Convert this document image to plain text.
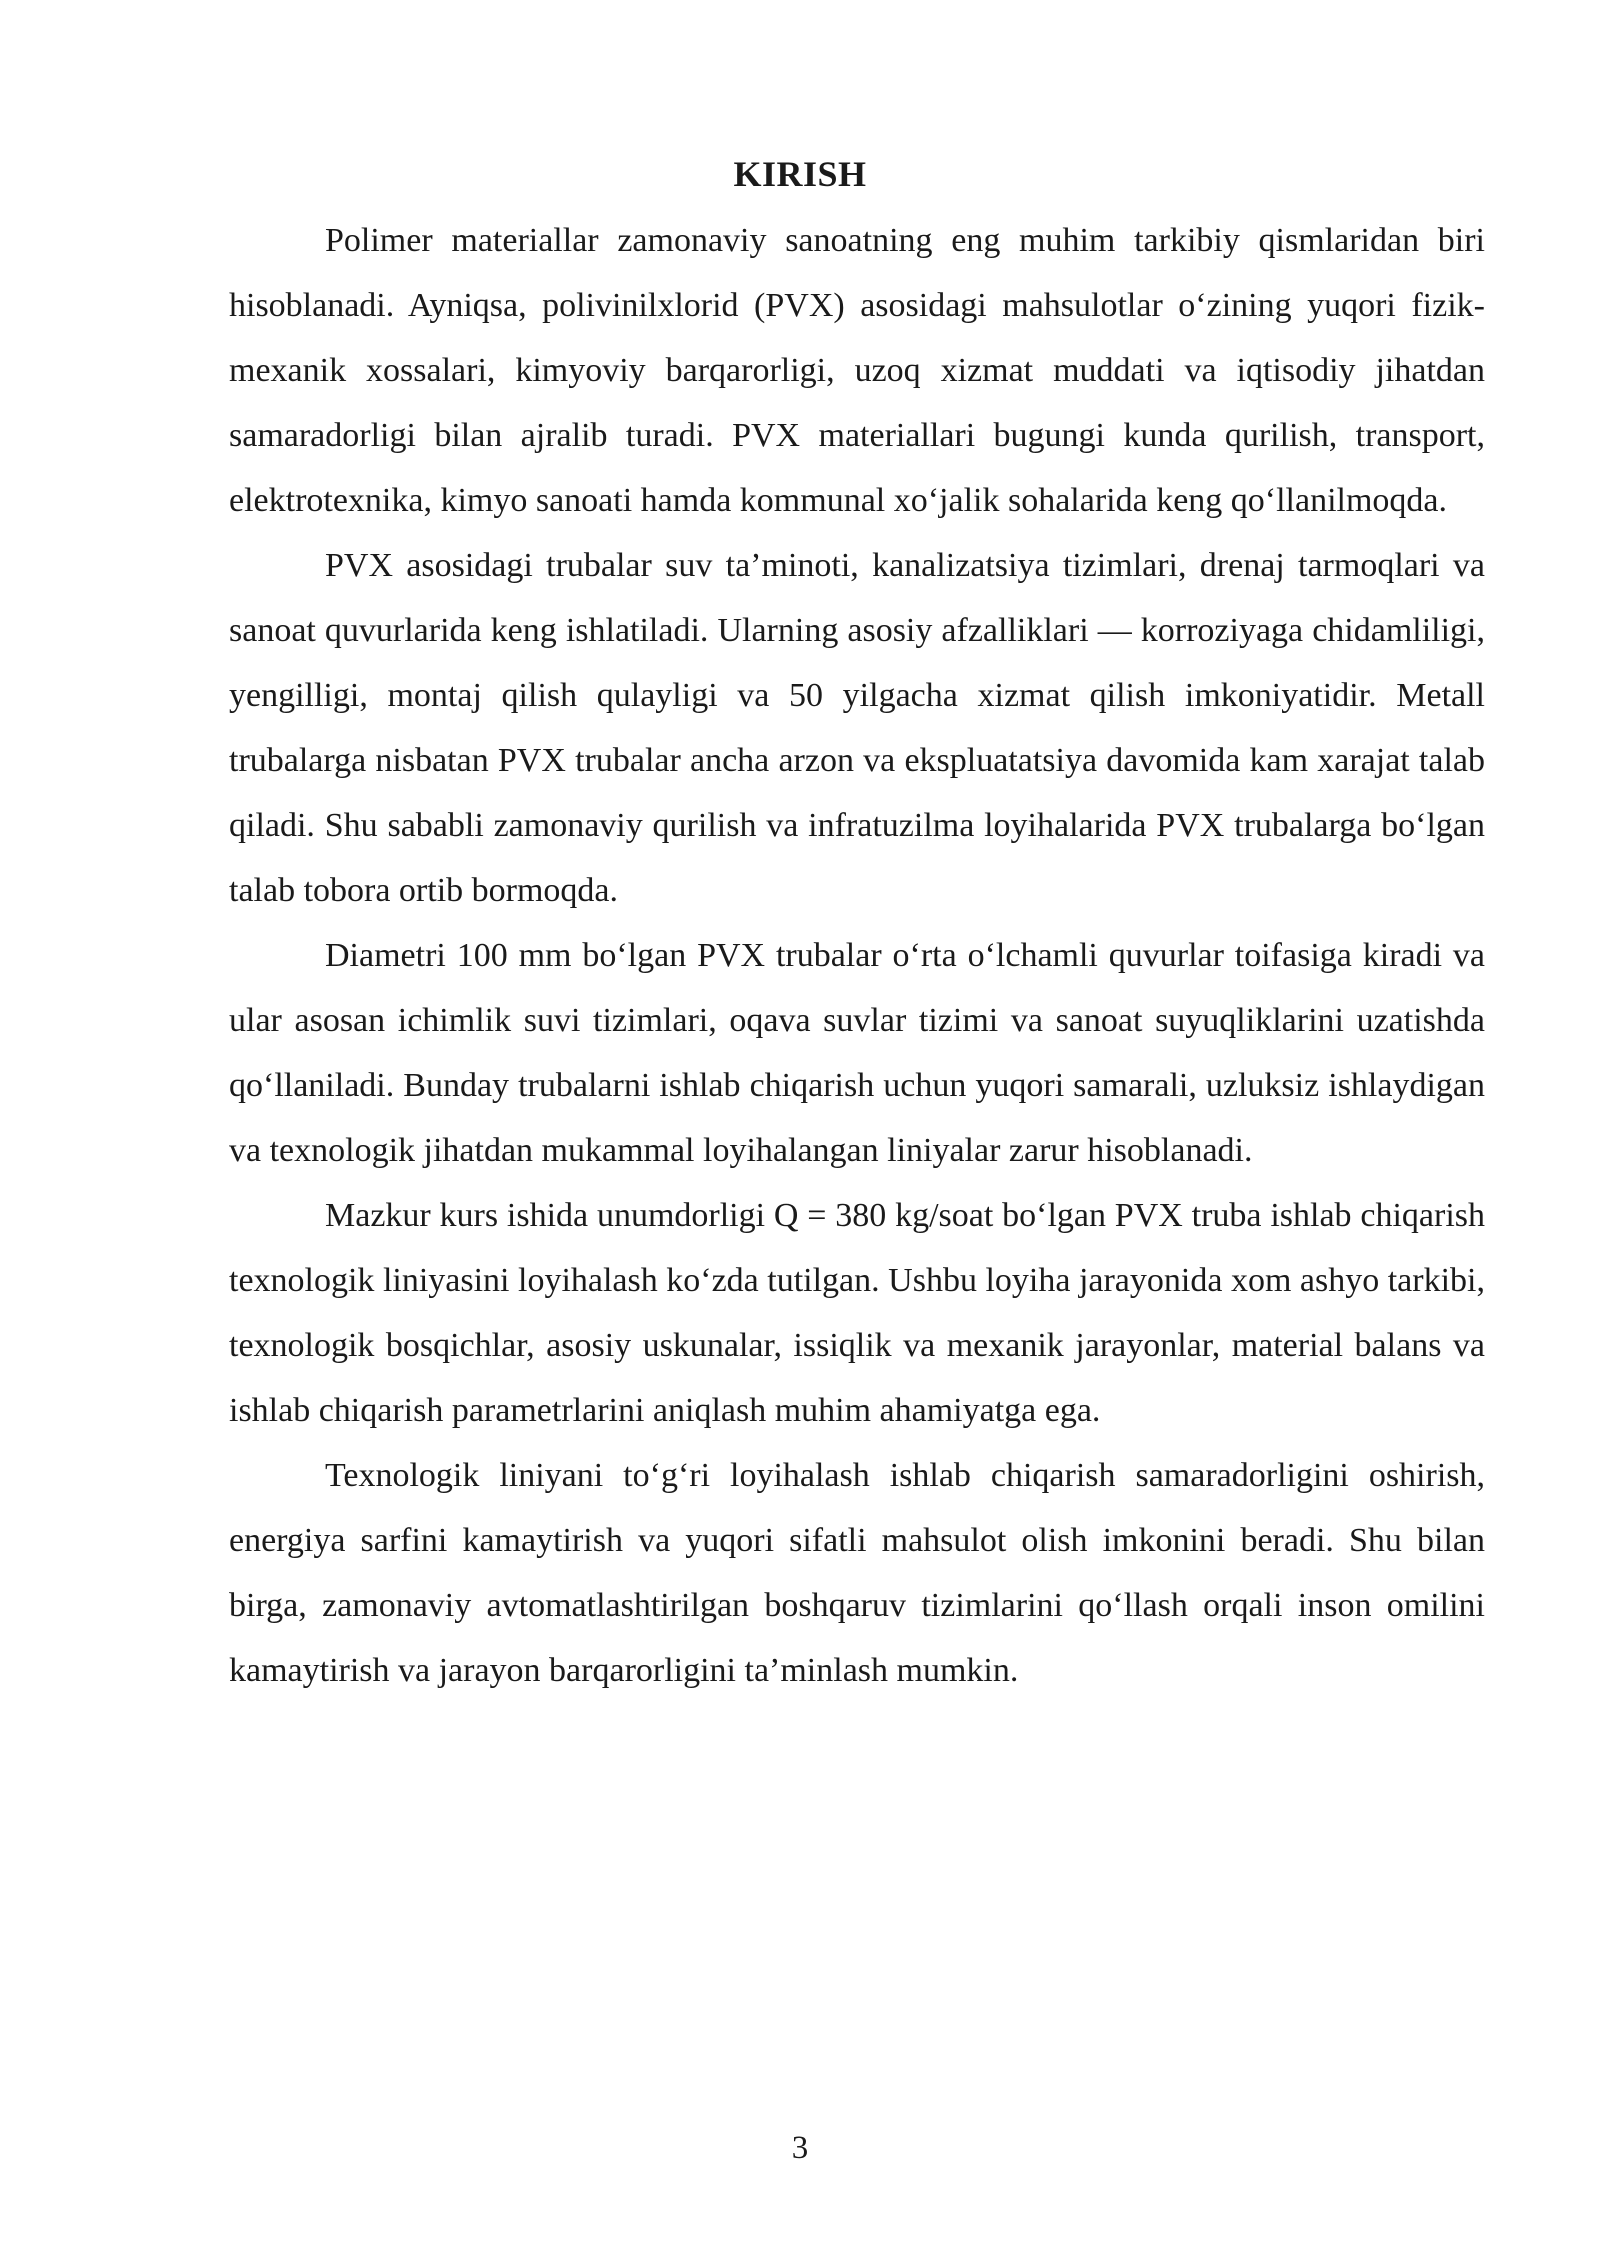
KIRISH

Polimer materiallar zamonaviy sanoatning eng muhim tarkibiy qismlaridan biri hisoblanadi. Ayniqsa, polivinilxlorid (PVX) asosidagi mahsulotlar o‘zining yuqori fizik-mexanik xossalari, kimyoviy barqarorligi, uzoq xizmat muddati va iqtisodiy jihatdan samaradorligi bilan ajralib turadi. PVX materiallari bugungi kunda qurilish, transport, elektrotexnika, kimyo sanoati hamda kommunal xo‘jalik sohalarida keng qo‘llanilmoqda.

PVX asosidagi trubalar suv ta’minoti, kanalizatsiya tizimlari, drenaj tarmoqlari va sanoat quvurlarida keng ishlatiladi. Ularning asosiy afzalliklari — korroziyaga chidamliligi, yengilligi, montaj qilish qulayligi va 50 yilgacha xizmat qilish imkoniyatidir. Metall trubalarga nisbatan PVX trubalar ancha arzon va ekspluatatsiya davomida kam xarajat talab qiladi. Shu sababli zamonaviy qurilish va infratuzilma loyihalarida PVX trubalarga bo‘lgan talab tobora ortib bormoqda.

Diametri 100 mm bo‘lgan PVX trubalar o‘rta o‘lchamli quvurlar toifasiga kiradi va ular asosan ichimlik suvi tizimlari, oqava suvlar tizimi va sanoat suyuqliklarini uzatishda qo‘llaniladi. Bunday trubalarni ishlab chiqarish uchun yuqori samarali, uzluksiz ishlaydigan va texnologik jihatdan mukammal loyihalangan liniyalar zarur hisoblanadi.

Mazkur kurs ishida unumdorligi Q = 380 kg/soat bo‘lgan PVX truba ishlab chiqarish texnologik liniyasini loyihalash ko‘zda tutilgan. Ushbu loyiha jarayonida xom ashyo tarkibi, texnologik bosqichlar, asosiy uskunalar, issiqlik va mexanik jarayonlar, material balans va ishlab chiqarish parametrlarini aniqlash muhim ahamiyatga ega.

Texnologik liniyani to‘g‘ri loyihalash ishlab chiqarish samaradorligini oshirish, energiya sarfini kamaytirish va yuqori sifatli mahsulot olish imkonini beradi. Shu bilan birga, zamonaviy avtomatlashtirilgan boshqaruv tizimlarini qo‘llash orqali inson omilini kamaytirish va jarayon barqarorligini ta’minlash mumkin.

3
